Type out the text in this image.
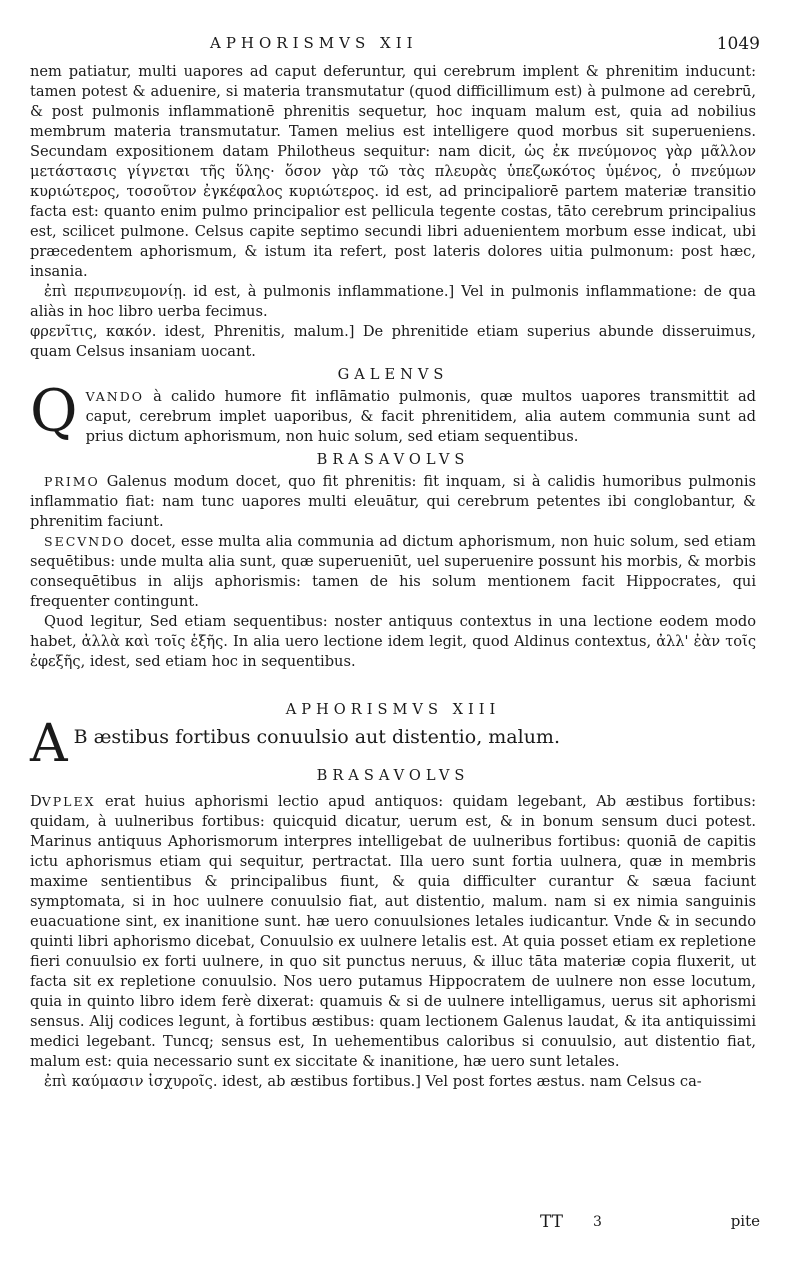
APHORISMVS XII	1049

nem patiatur, multi uapores ad caput deferuntur, qui cerebrum implent & phrenitim inducunt: tamen potest & aduenire, si materia transmutatur (quod difficillimum est) à pulmone ad cerebrū, & post pulmonis inflammationē phrenitis sequetur, hoc inquam malum est, quia ad nobilius membrum materia transmutatur. Tamen melius est intelligere quod morbus sit superueniens. Secundam expositionem datam Philotheus sequitur: nam dicit, ὡς ἐκ πνεύμονος γὰρ μᾶλλον μετάστασις γίγνεται τῆς ὕλης· ὅσον γὰρ τῶ τὰς πλευρὰς ὑπεζωκότος ὑμένος, ὁ πνεύμων κυριώτερος, τοσοῦτον ἐγκέφαλος κυριώτερος. id est, ad principaliorē partem materiæ transitio facta est: quanto enim pulmo principalior est pellicula tegente costas, tāto cerebrum principalius est, scilicet pulmone. Celsus capite septimo secundi libri aduenientem morbum esse indicat, ubi præcedentem aphorismum, & istum ita refert, post lateris dolores uitia pulmonum: post hæc, insania.

ἐπὶ περιπνευμονίῃ. id est, à pulmonis inflammatione.] Vel in pulmonis inflammatione: de qua aliàs in hoc libro uerba fecimus.

φρενῖτις, κακόν. idest, Phrenitis, malum.] De phrenitide etiam superius abunde disseruimus, quam Celsus insaniam uocant.

GALENVS

QVANDO à calido humore fit inflāmatio pulmonis, quæ multos uapores transmittit ad caput, cerebrum implet uaporibus, & facit phrenitidem, alia autem communia sunt ad prius dictum aphorismum, non huic solum, sed etiam sequentibus.

BRASAVOLVS

PRIMO Galenus modum docet, quo fit phrenitis: fit inquam, si à calidis humoribus pulmonis inflammatio fiat: nam tunc uapores multi eleuātur, qui cerebrum petentes ibi conglobantur, & phrenitim faciunt.

SECVNDO docet, esse multa alia communia ad dictum aphorismum, non huic solum, sed etiam sequētibus: unde multa alia sunt, quæ superueniūt, uel superuenire possunt his morbis, & morbis consequētibus in alijs aphorismis: tamen de his solum mentionem facit Hippocrates, qui frequenter contingunt.

Quod legitur, Sed etiam sequentibus: noster antiquus contextus in una lectione eodem modo habet, ἀλλὰ καὶ τοῖς ἑξῆς. In alia uero lectione idem legit, quod Aldinus contextus, ἀλλ' ἐὰν τοῖς ἐφεξῆς, idest, sed etiam hoc in sequentibus.

APHORISMVS XIII

A B æstibus fortibus conuulsio aut distentio, malum.

BRASAVOLVS

DVPLEX erat huius aphorismi lectio apud antiquos: quidam legebant, Ab æstibus fortibus: quidam, à uulneribus fortibus: quicquid dicatur, uerum est, & in bonum sensum duci potest. Marinus antiquus Aphorismorum interpres intelligebat de uulneribus fortibus: quoniā de capitis ictu aphorismus etiam qui sequitur, pertractat. Illa uero sunt fortia uulnera, quæ in membris maxime sentientibus & principalibus fiunt, & quia difficulter curantur & sæua faciunt symptomata, si in hoc uulnere conuulsio fiat, aut distentio, malum. nam si ex nimia sanguinis euacuatione sint, ex inanitione sunt. hæ uero conuulsiones letales iudicantur. Vnde & in secundo quinti libri aphorismo dicebat, Conuulsio ex uulnere letalis est. At quia posset etiam ex repletione fieri conuulsio ex forti uulnere, in quo sit punctus neruus, & illuc tāta materiæ copia fluxerit, ut facta sit ex repletione conuulsio. Nos uero putamus Hippocratem de uulnere non esse locutum, quia in quinto libro idem ferè dixerat: quamuis & si de uulnere intelligamus, uerus sit aphorismi sensus. Alij codices legunt, à fortibus æstibus: quam lectionem Galenus laudat, & ita antiquissimi medici legebant. Tuncq; sensus est, In uehementibus caloribus si conuulsio, aut distentio fiat, malum est: quia necessario sunt ex siccitate & inanitione, hæ uero sunt letales.

ἐπὶ καύμασιν ἰσχυροῖς. idest, ab æstibus fortibus.] Vel post fortes æstus. nam Celsus ca-

TT 3	pite
